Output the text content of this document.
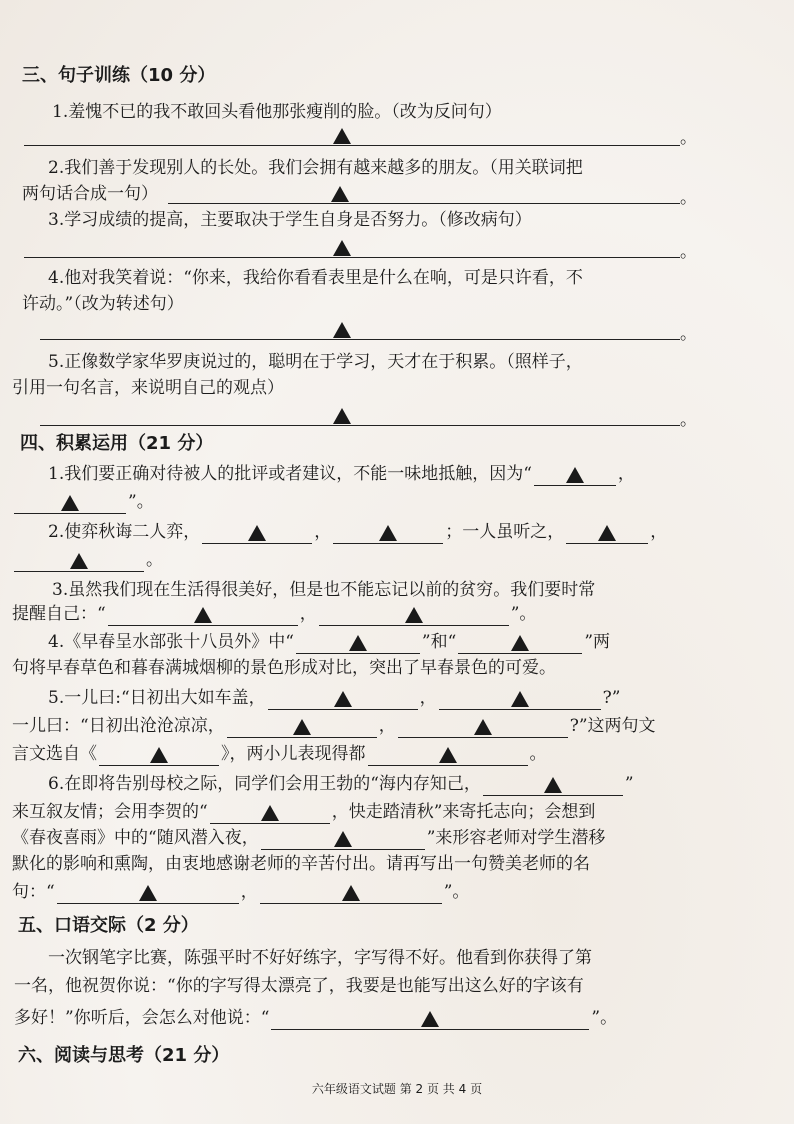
三、句子训练（10 分）
1.羞愧不已的我不敢回头看他那张瘦削的脸。（改为反问句）
。
2.我们善于发现别人的长处。我们会拥有越来越多的朋友。（用关联词把
两句话合成一句）	。
3.学习成绩的提高，主要取决于学生自身是否努力。（修改病句）
。
4.他对我笑着说：“你来，我给你看看表里是什么在响，可是只许看，不
许动。”（改为转述句）
。
5.正像数学家华罗庚说过的，聪明在于学习，天才在于积累。（照样子，
引用一句名言，来说明自己的观点）
。
四、积累运用（21 分）
1.我们要正确对待被人的批评或者建议，不能一味地抵触，因为“	，
”。
2.使弈秋诲二人弈，	，	；一人虽听之，	，
。
3.虽然我们现在生活得很美好，但是也不能忘记以前的贫穷。我们要时常
提醒自己：“	，	”。
4.《早春呈水部张十八员外》中“	”和“	”两
句将早春草色和暮春满城烟柳的景色形成对比，突出了早春景色的可爱。
5.一儿曰:“日初出大如车盖，	，	?”
一儿曰：“日初出沧沧凉凉，	，	?”这两句文
言文选自《	》，两小儿表现得都	。
6.在即将告别母校之际，同学们会用王勃的“海内存知己，	”
来互叙友情；会用李贺的“	，快走踏清秋”来寄托志向；会想到
《春夜喜雨》中的“随风潜入夜，	”来形容老师对学生潜移
默化的影响和熏陶，由衷地感谢老师的辛苦付出。请再写出一句赞美老师的名
句：“	，	”。
五、口语交际（2 分）
一次钢笔字比赛，陈强平时不好好练字，字写得不好。他看到你获得了第
一名，他祝贺你说：“你的字写得太漂亮了，我要是也能写出这么好的字该有
多好！”你听后，会怎么对他说：“	”。
六、阅读与思考（21 分）
六年级语文试题 第 2 页 共 4 页
